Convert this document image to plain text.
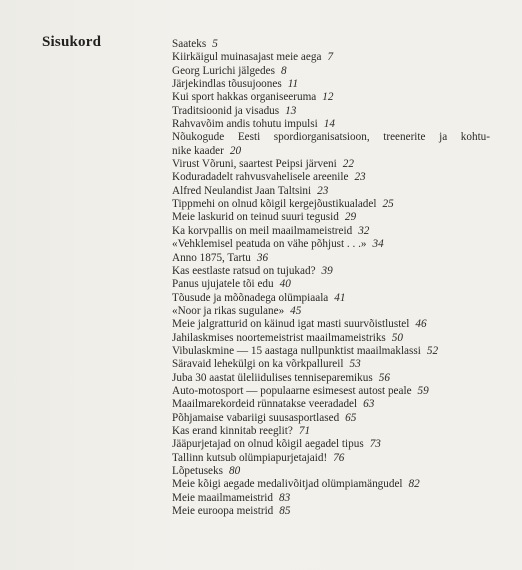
Sisukord	Saateks 5
Kiirkäigul muinasajast meie aega 7
Georg Lurichi jälgedes 8
Järjekindlas tõusujoones 11
Kui sport hakkas organiseeruma 12
Traditsioonid ja visadus 13
Rahvavõim andis tohutu impulsi 14
Nõukogude Eesti spordiorganisatsioon, treenerite ja kohtu-
nike kaader 20
Virust Võruni, saartest Peipsi järveni 22
Koduradadelt rahvusvahelisele areenile 23
Alfred Neulandist Jaan Taltsini 23
Tippmehi on olnud kõigil kergejõustikualadel 25
Meie laskurid on teinud suuri tegusid 29
Ka korvpallis on meil maailmameistreid 32
«Vehklemisel peatuda on vähe põhjust . . .» 34
Anno 1875, Tartu 36
Kas eestlaste ratsud on tujukad? 39
Panus ujujatele tõi edu 40
Tõusude ja mõõnadega olümpiaala 41
«Noor ja rikas sugulane» 45
Meie jalgratturid on käinud igat masti suurvõistlustel 46
Jahilaskmises noortemeistrist maailmameistriks 50
Vibulaskmine — 15 aastaga nullpunktist maailmaklassi 52
Säravaid lehekülgi on ka võrkpallureil 53
Juba 30 aastat üleliidulises tenniseparemikus 56
Auto-motosport — populaarne esimesest autost peale 59
Maailmarekordeid rünnatakse veeradadel 63
Põhjamaise vabariigi suusasportlased 65
Kas erand kinnitab reeglit? 71
Jääpurjetajad on olnud kõigil aegadel tipus 73
Tallinn kutsub olümpiapurjetajaid! 76
Lõpetuseks 80
Meie kõigi aegade medalivõitjad olümpiamängudel 82
Meie maailmameistrid 83
Meie euroopa meistrid 85
